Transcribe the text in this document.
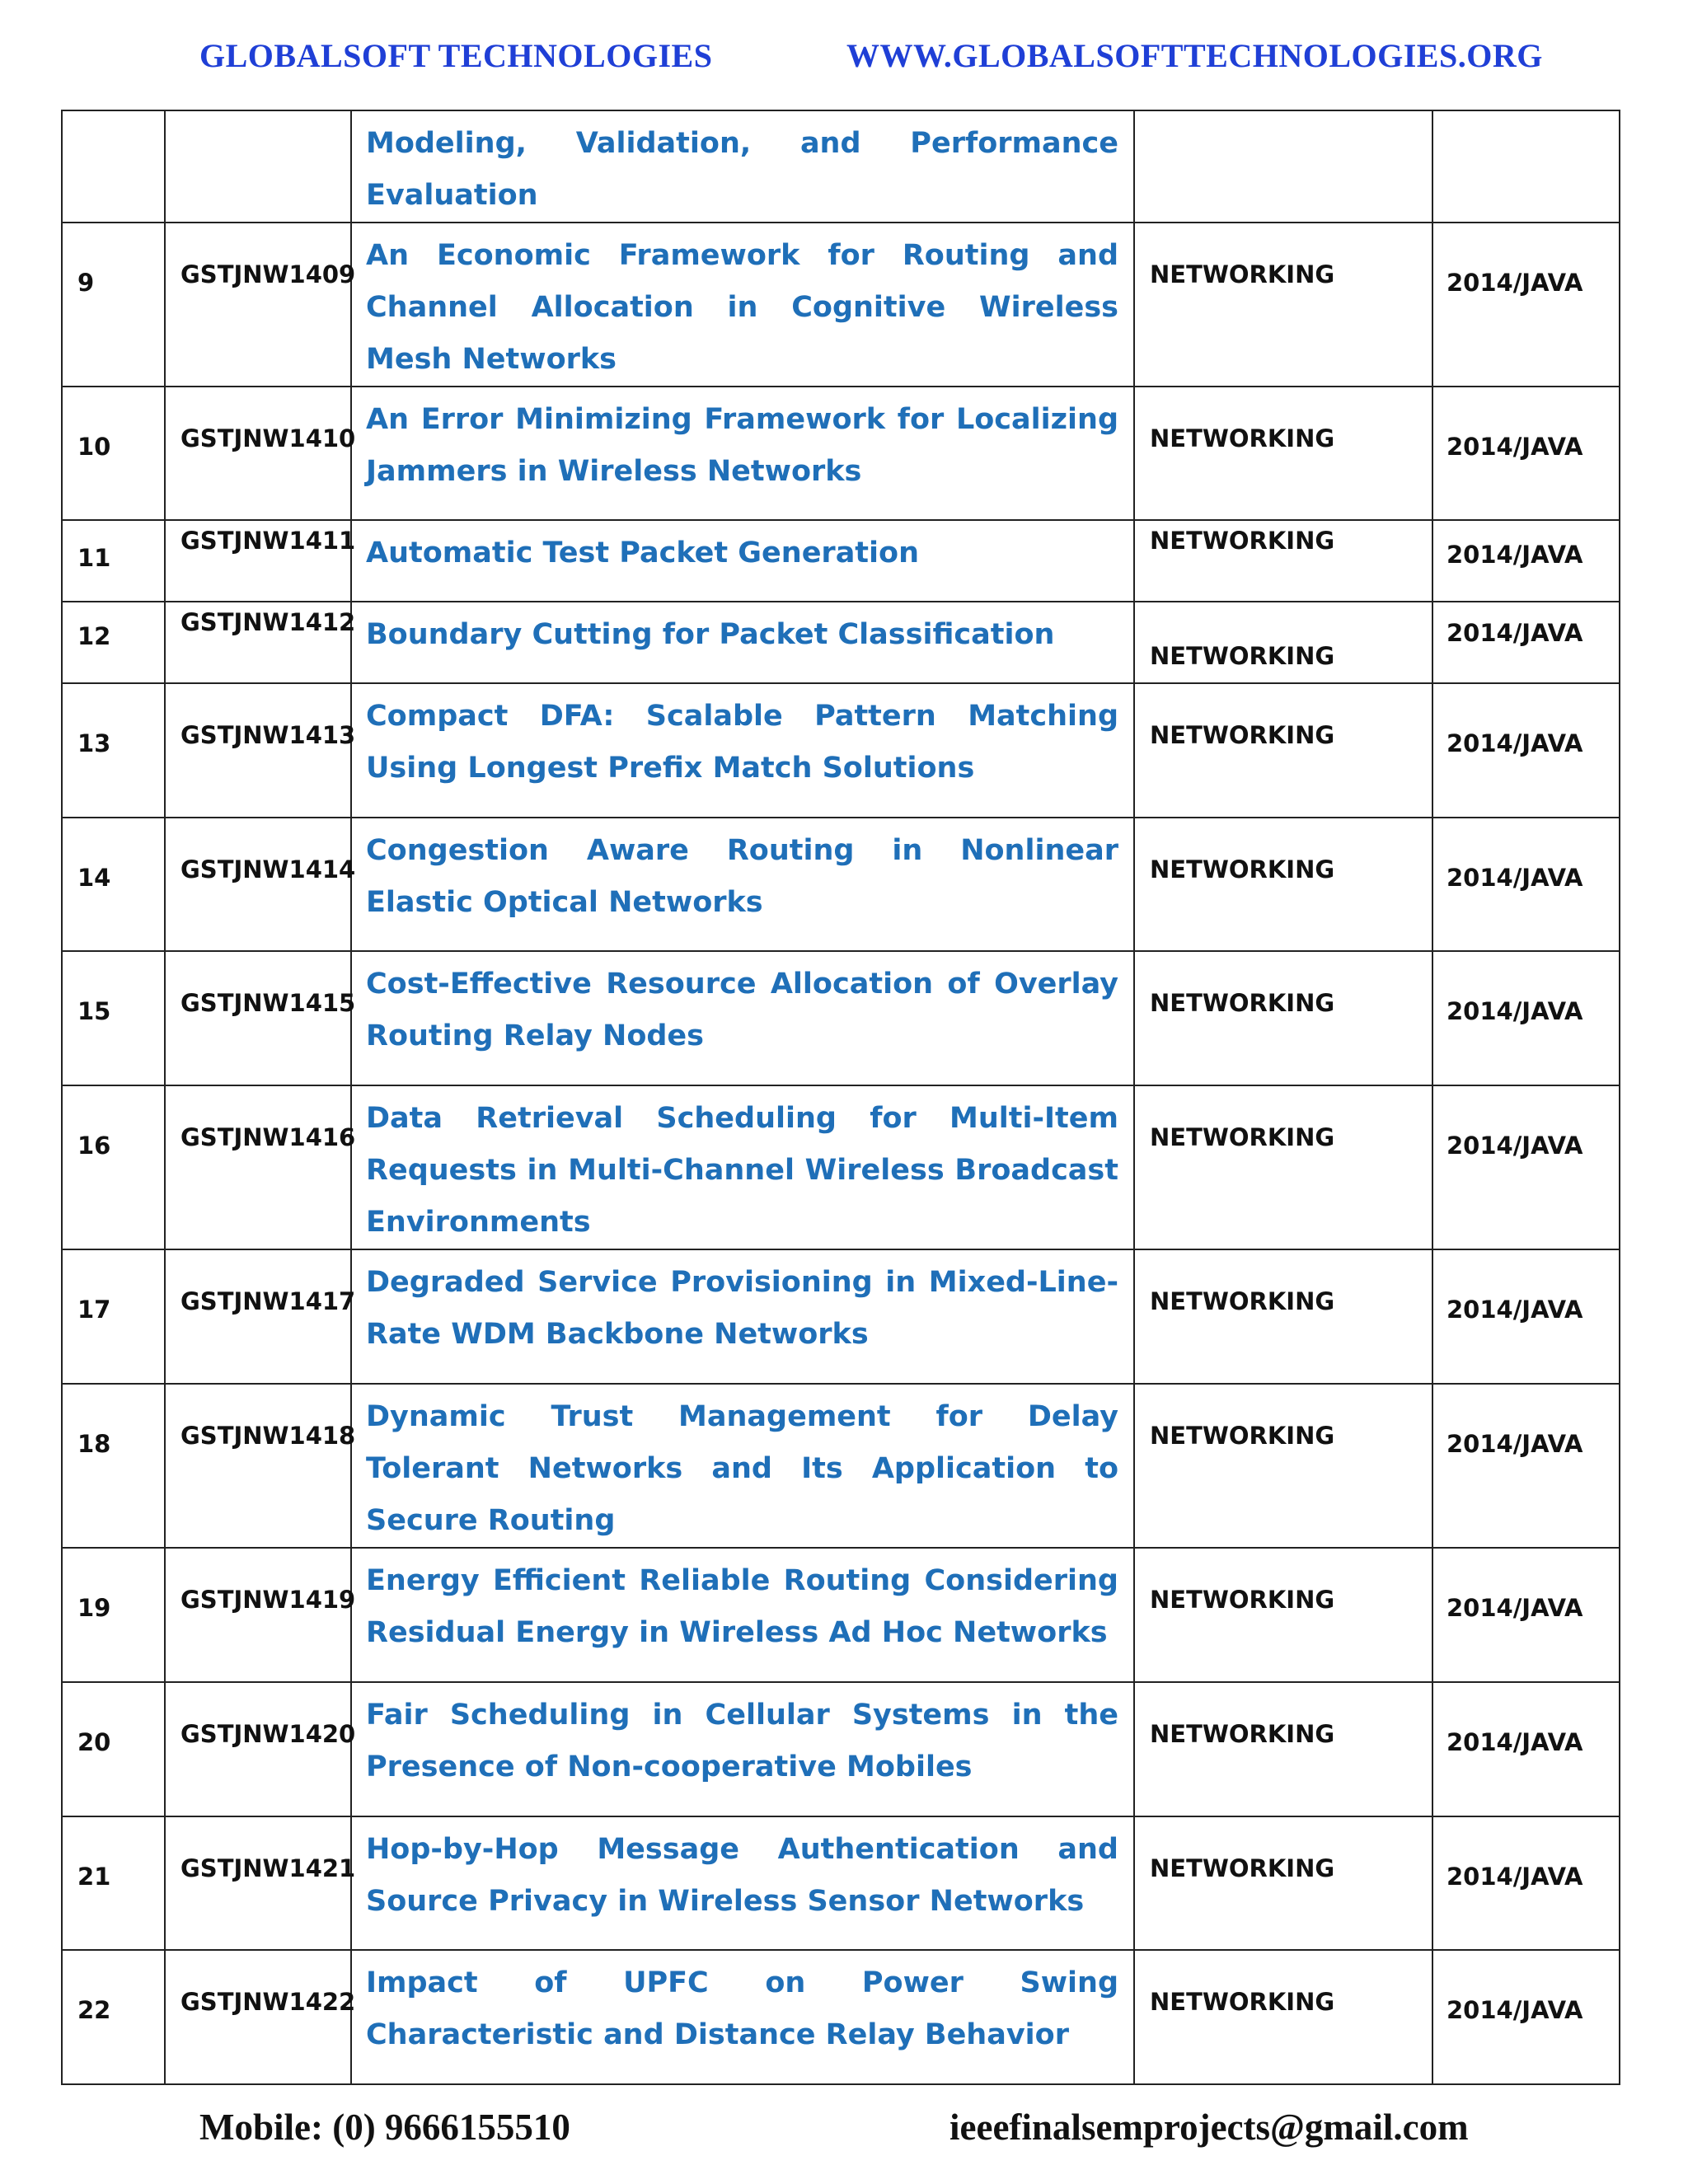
GLOBALSOFT TECHNOLOGIES	WWW.GLOBALSOFTTECHNOLOGIES.ORG

		Modeling, Validation, and Performance Evaluation		

9	GSTJNW1409	An Economic Framework for Routing and Channel Allocation in Cognitive Wireless Mesh Networks	NETWORKING	2014/JAVA

10	GSTJNW1410	An Error Minimizing Framework for Localizing Jammers in Wireless Networks	NETWORKING	2014/JAVA

11	GSTJNW1411	Automatic Test Packet Generation	NETWORKING	2014/JAVA

12	GSTJNW1412	Boundary Cutting for Packet Classification	NETWORKING	2014/JAVA

13	GSTJNW1413	Compact DFA: Scalable Pattern Matching Using Longest Prefix Match Solutions	NETWORKING	2014/JAVA

14	GSTJNW1414	Congestion Aware Routing in Nonlinear Elastic Optical Networks	NETWORKING	2014/JAVA

15	GSTJNW1415	Cost-Effective Resource Allocation of Overlay Routing Relay Nodes	NETWORKING	2014/JAVA

16	GSTJNW1416	Data Retrieval Scheduling for Multi-Item Requests in Multi-Channel Wireless Broadcast Environments	NETWORKING	2014/JAVA

17	GSTJNW1417	Degraded Service Provisioning in Mixed-Line-Rate WDM Backbone Networks	NETWORKING	2014/JAVA

18	GSTJNW1418	Dynamic Trust Management for Delay Tolerant Networks and Its Application to Secure Routing	NETWORKING	2014/JAVA

19	GSTJNW1419	Energy Efficient Reliable Routing Considering Residual Energy in Wireless Ad Hoc Networks	NETWORKING	2014/JAVA

20	GSTJNW1420	Fair Scheduling in Cellular Systems in the Presence of Non-cooperative Mobiles	NETWORKING	2014/JAVA

21	GSTJNW1421	Hop-by-Hop Message Authentication and Source Privacy in Wireless Sensor Networks	NETWORKING	2014/JAVA

22	GSTJNW1422	Impact of UPFC on Power Swing Characteristic and Distance Relay Behavior	NETWORKING	2014/JAVA
Mobile: (0) 9666155510	ieeefinalsemprojects@gmail.com
